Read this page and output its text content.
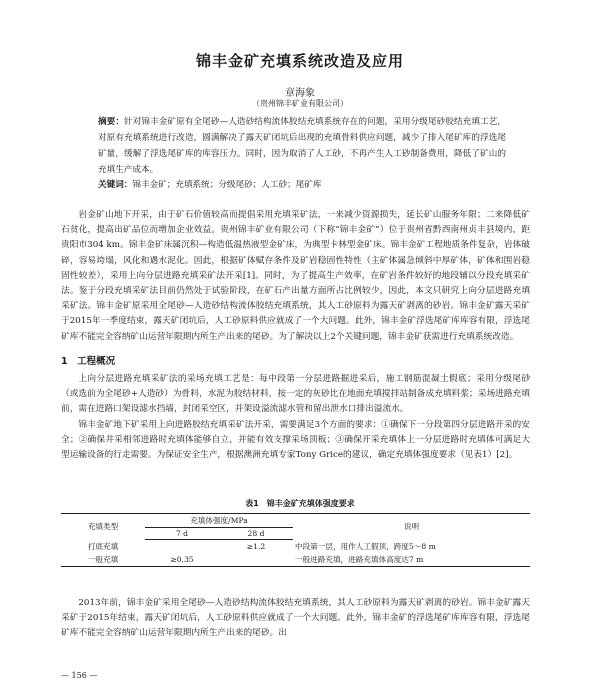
锦丰金矿充填系统改造及应用
章海象
（贵州锦丰矿业有限公司）
摘要：针对锦丰金矿原有全尾砂—人造砂结构流体胶结充填系统存在的问题，采用分级尾砂胶结充填工艺，对原有充填系统进行改造，圆满解决了露天矿闭坑后出现的充填骨料供应问题，减少了排入尾矿库的浮选尾矿量，缓解了浮选尾矿库的库容压力。同时，因为取消了人工砂，不再产生人工砂制备费用，降低了矿山的充填生产成本。
关键词：锦丰金矿；充填系统；分级尾砂；人工砂；尾矿库

岩金矿山地下开采，由于矿石价值较高而提倡采用充填采矿法，一来减少资源损失，延长矿山服务年限；二来降低矿石贫化，提高出矿品位而增加企业效益。贵州锦丰矿业有限公司（下称“锦丰金矿”）位于贵州省黔西南州贞丰县境内，距贵阳市304 km。锦丰金矿床属沉积—构造低温热液型金矿床，为典型卡林型金矿床。锦丰金矿工程地质条件复杂，岩体破碎，容易垮塌，风化和遇水泥化。因此，根据矿体赋存条件及矿岩稳固性特性（主矿体属急倾斜中厚矿体，矿体和围岩稳固性较差），采用上向分层进路充填采矿法开采[1]。同时，为了提高生产效率，在矿岩条件较好的地段辅以分段充填采矿法。鉴于分段充填采矿法目前仍然处于试验阶段，在矿石产出量方面所占比例较少，因此，本文只研究上向分层进路充填采矿法。锦丰金矿原采用全尾砂—人造砂结构流体胶结充填系统，其人工砂原料为露天矿剥离的砂岩。锦丰金矿露天采矿于2015年一季度结束，露天矿闭坑后，人工砂原料供应就成了一个大问题。此外，锦丰金矿浮选尾矿库库容有限，浮选尾矿库不能完全容纳矿山运营年限期内所生产出来的尾砂。为了解决以上2个关键问题，锦丰金矿获需进行充填系统改造。

1　工程概况

上向分层进路充填采矿法的采场充填工艺是：每中段第一分层进路掘进采后，施工钢筋混凝土假底；采用分级尾砂（或选前为全尾砂+人造砂）为骨料，水泥为胶结材料，按一定的灰砂比在地面充填搅拌站制备成充填料浆；采场进路充填前，需在进路口架设滤水挡墙，封闭采空区，并架设溢流滤水管和留出泄水口排出溢流水。

锦丰金矿地下矿采用上向进路胶结充填采矿法开采，需要满足3个方面的要求：①确保下一分段第四分层进路开采的安全；②确保井采相邻进路时充填体能够自立，并能有效支撑采场顶板；③确保开采充填体上一分层进路时充填体可满足大型运输设备的行走需要。为保证安全生产，根据澳洲充填专家Tony Grice的建议，确定充填体强度要求（见表1）[2]。

表1　锦丰金矿充填体强度要求
充填类型	充填体强度/MPa		说明
	7 d	28 d	
打底充填		≥1.2	中段第一层，用作人工假顶，跨度5～8 m
一般充填	≥0.35		一般进路充填，进路充填体高度达7 m

2013年前，锦丰金矿采用全尾砂—人造砂结构流体胶结充填系统，其人工砂原料为露天矿剥离的砂岩。锦丰金矿露天采矿于2015年结束，露天矿闭坑后，人工砂原料供应就成了一个大问题。此外，锦丰金矿的浮选尾矿库库容有限，浮选尾矿库不能完全容纳矿山运营年限期内所生产出来的尾砂。出

— 156 —
